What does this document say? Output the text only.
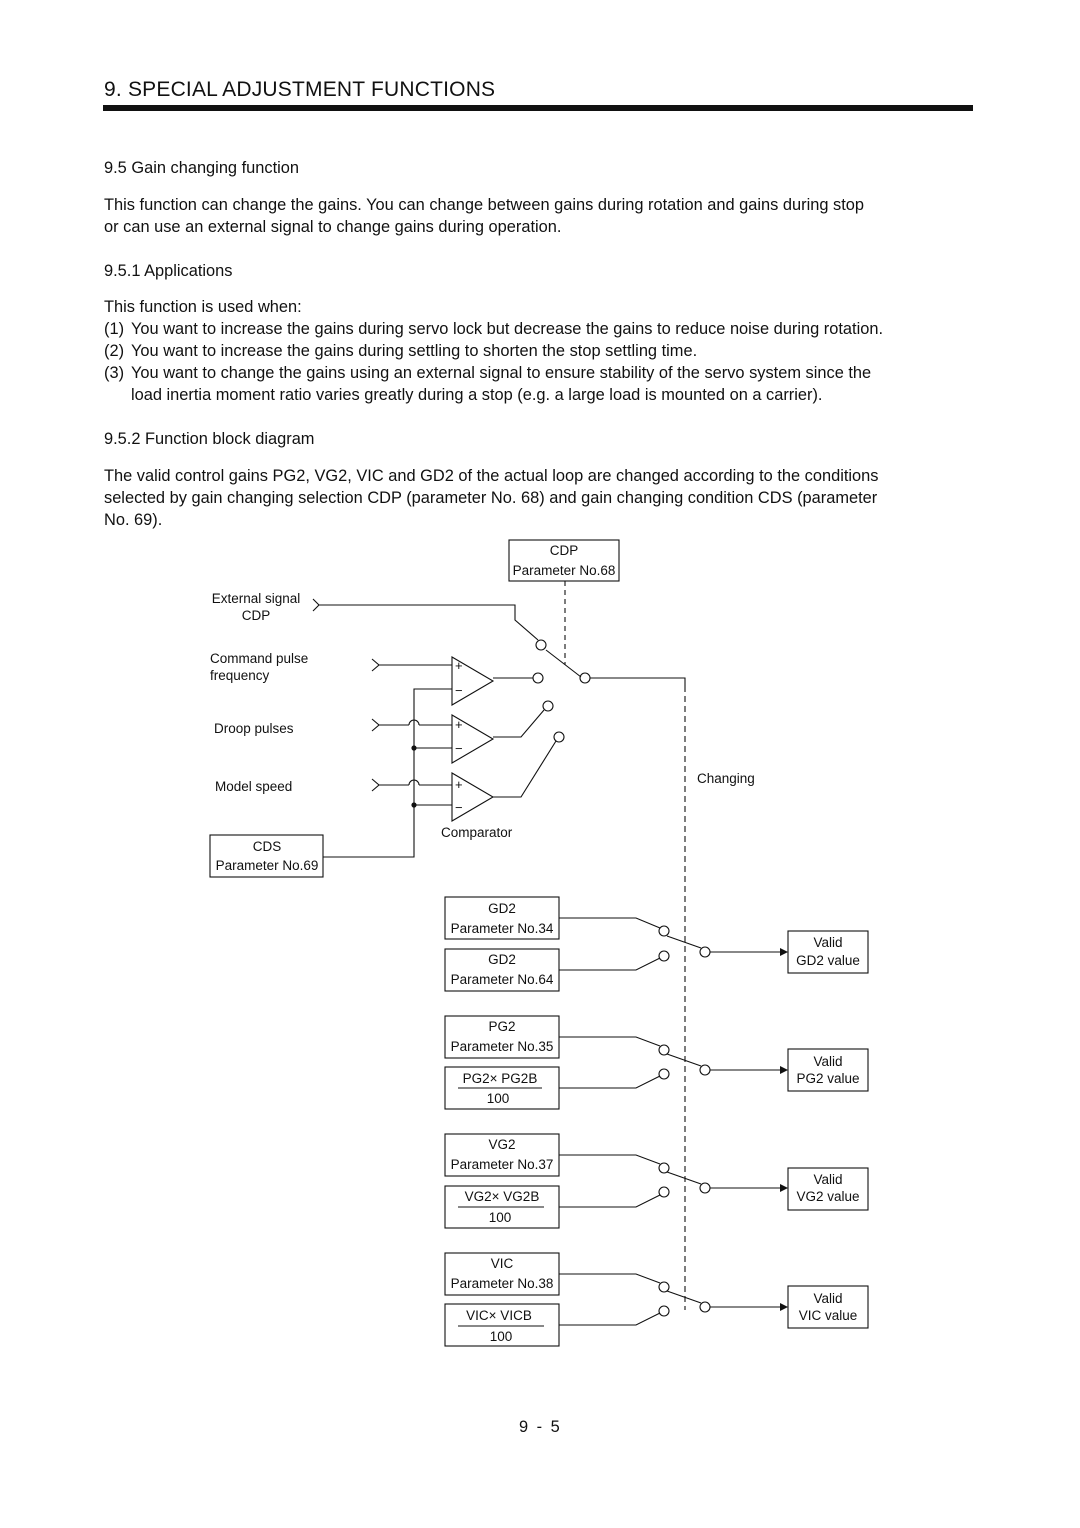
9. SPECIAL ADJUSTMENT FUNCTIONS
9.5 Gain changing function
This function can change the gains. You can change between gains during rotation and gains during stop
or can use an external signal to change gains during operation.
9.5.1 Applications
This function is used when:
(1) You want to increase the gains during servo lock but decrease the gains to reduce noise during rotation.
(2) You want to increase the gains during settling to shorten the stop settling time.
(3) You want to change the gains using an external signal to ensure stability of the servo system since the
load inertia moment ratio varies greatly during a stop (e.g. a large load is mounted on a carrier).
9.5.2 Function block diagram
The valid control gains PG2, VG2, VIC and GD2 of the actual loop are changed according to the conditions
selected by gain changing selection CDP (parameter No. 68) and gain changing condition CDS (parameter
No. 69).
CDP
Parameter No.68
External signal
CDP
Command pulse
frequency
Droop pulses
Model speed
+
−
+
−
+
−
Comparator
Changing
CDS
Parameter No.69
GD2
Parameter No.34
GD2
Parameter No.64
Valid
GD2 value
PG2
Parameter No.35
PG2× PG2B
100
Valid
PG2 value
VG2
Parameter No.37
VG2× VG2B
100
Valid
VG2 value
VIC
Parameter No.38
VIC× VICB
100
Valid
VIC value
9 - 5
